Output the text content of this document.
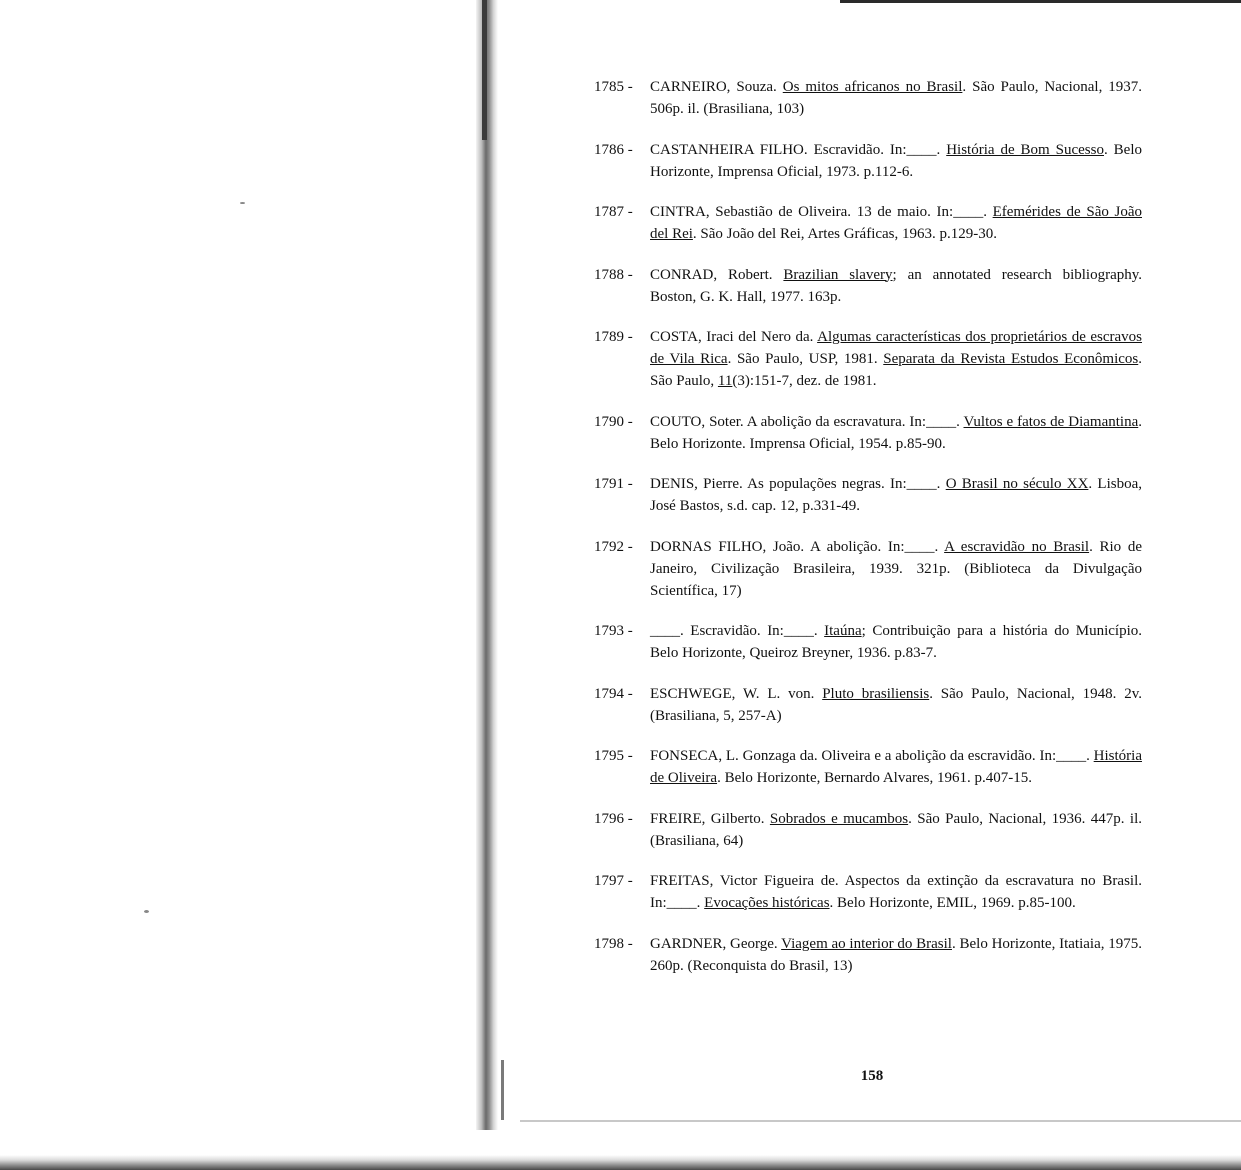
1785 -	CARNEIRO, Souza. Os mitos africanos no Brasil. São Paulo, Nacional, 1937. 506p. il. (Brasiliana, 103)
1786 -	CASTANHEIRA FILHO. Escravidão. In:____. História de Bom Sucesso. Belo Horizonte, Imprensa Oficial, 1973. p.112-6.
1787 -	CINTRA, Sebastião de Oliveira. 13 de maio. In:____. Efemérides de São João del Rei. São João del Rei, Artes Gráficas, 1963. p.129-30.
1788 -	CONRAD, Robert. Brazilian slavery; an annotated research bibliography. Boston, G. K. Hall, 1977. 163p.
1789 -	COSTA, Iraci del Nero da. Algumas características dos proprietários de escravos de Vila Rica. São Paulo, USP, 1981. Separata da Revista Estudos Econômicos. São Paulo, 11(3):151-7, dez. de 1981.
1790 -	COUTO, Soter. A abolição da escravatura. In:____. Vultos e fatos de Diamantina. Belo Horizonte. Imprensa Oficial, 1954. p.85-90.
1791 -	DENIS, Pierre. As populações negras. In:____. O Brasil no século XX. Lisboa, José Bastos, s.d. cap. 12, p.331-49.
1792 -	DORNAS FILHO, João. A abolição. In:____. A escravidão no Brasil. Rio de Janeiro, Civilização Brasileira, 1939. 321p. (Biblioteca da Divulgação Scientífica, 17)
1793 -	____. Escravidão. In:____. Itaúna; Contribuição para a história do Município. Belo Horizonte, Queiroz Breyner, 1936. p.83-7.
1794 -	ESCHWEGE, W. L. von. Pluto brasiliensis. São Paulo, Nacional, 1948. 2v. (Brasiliana, 5, 257-A)
1795 -	FONSECA, L. Gonzaga da. Oliveira e a abolição da escravidão. In:____. História de Oliveira. Belo Horizonte, Bernardo Alvares, 1961. p.407-15.
1796 -	FREIRE, Gilberto. Sobrados e mucambos. São Paulo, Nacional, 1936. 447p. il. (Brasiliana, 64)
1797 -	FREITAS, Victor Figueira de. Aspectos da extinção da escravatura no Brasil. In:____. Evocações históricas. Belo Horizonte, EMIL, 1969. p.85-100.
1798 -	GARDNER, George. Viagem ao interior do Brasil. Belo Horizonte, Itatiaia, 1975. 260p. (Reconquista do Brasil, 13)
158
